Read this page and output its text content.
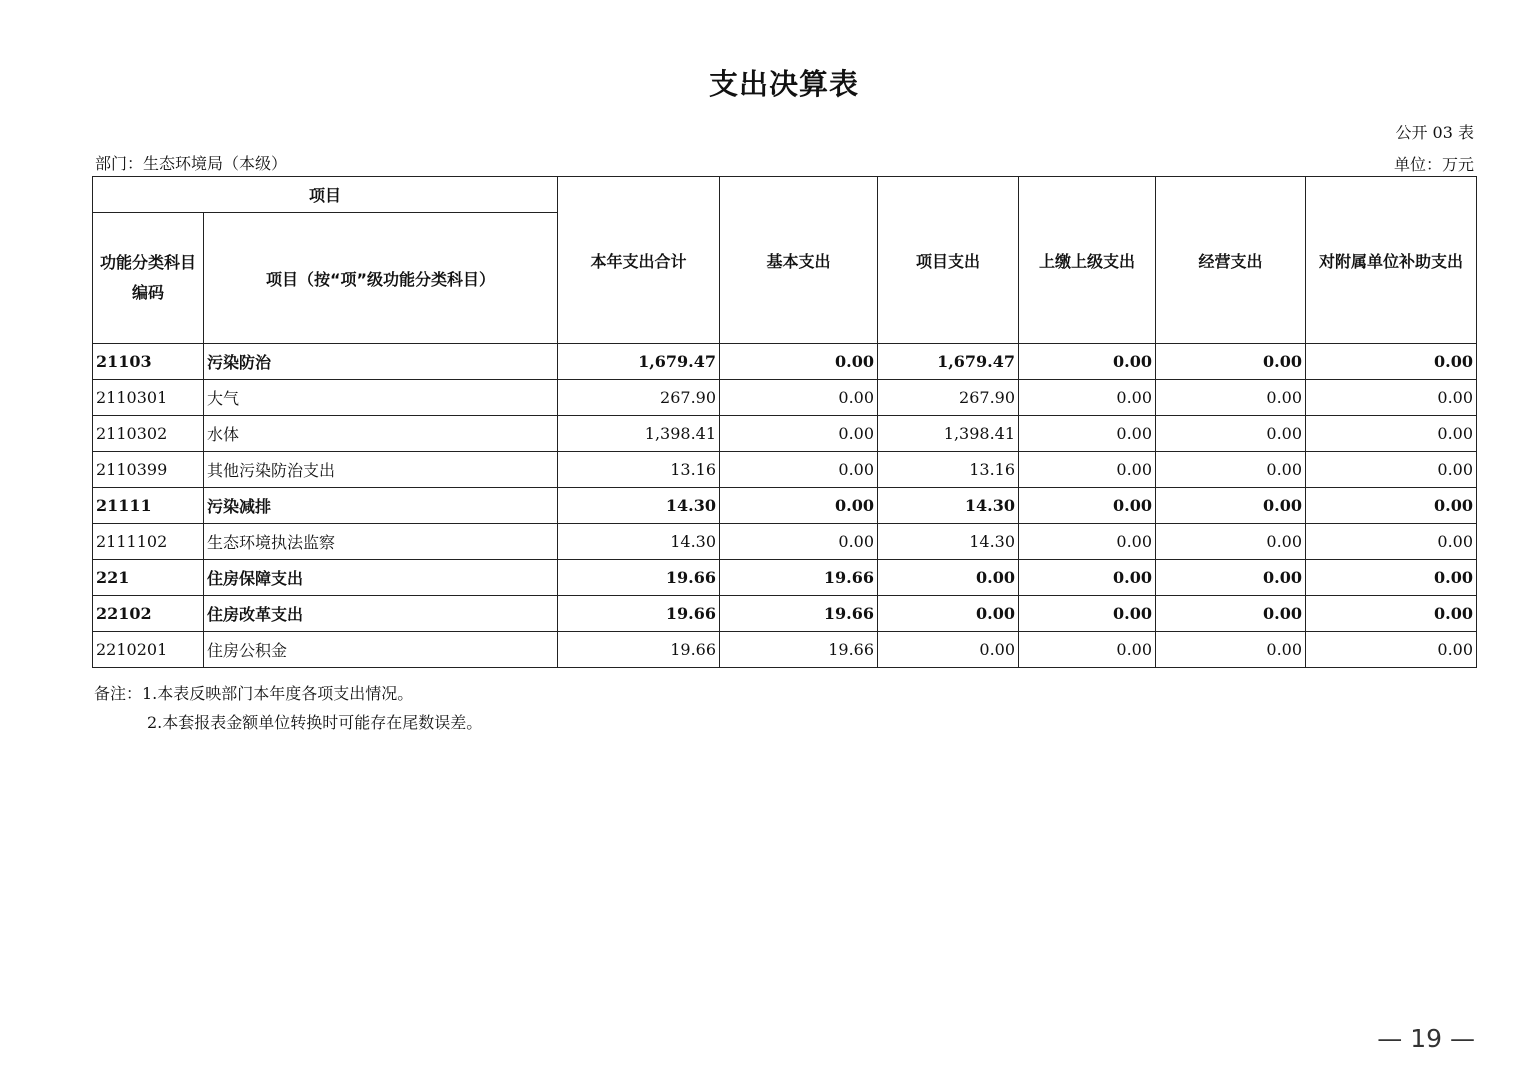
支出决算表
公开 03 表
部门：生态环境局（本级）	单位：万元
项目		本年支出合计	基本支出	项目支出	上缴上级支出	经营支出	对附属单位补助支出
功能分类科目编码	项目（按“项”级功能分类科目）						
21103	污染防治	1,679.47	0.00	1,679.47	0.00	0.00	0.00
2110301	大气	267.90	0.00	267.90	0.00	0.00	0.00
2110302	水体	1,398.41	0.00	1,398.41	0.00	0.00	0.00
2110399	其他污染防治支出	13.16	0.00	13.16	0.00	0.00	0.00
21111	污染减排	14.30	0.00	14.30	0.00	0.00	0.00
2111102	生态环境执法监察	14.30	0.00	14.30	0.00	0.00	0.00
221	住房保障支出	19.66	19.66	0.00	0.00	0.00	0.00
22102	住房改革支出	19.66	19.66	0.00	0.00	0.00	0.00
2210201	住房公积金	19.66	19.66	0.00	0.00	0.00	0.00
备注：1.本表反映部门本年度各项支出情况。
2.本套报表金额单位转换时可能存在尾数误差。
— 19 —
